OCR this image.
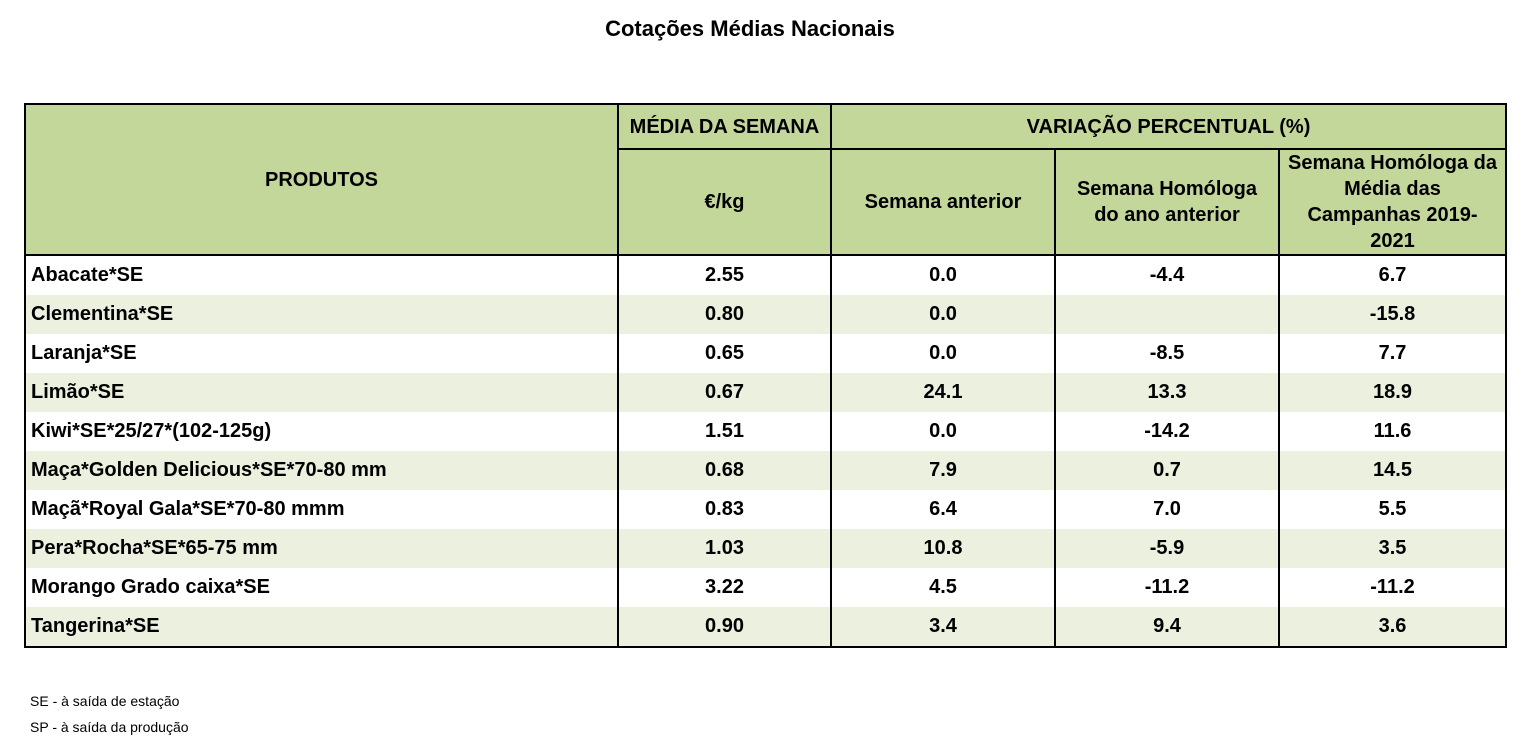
Cotações Médias Nacionais
PRODUTOS	MÉDIA DA SEMANA	VARIAÇÃO PERCENTUAL (%)		
	€/kg	Semana anterior	Semana Homóloga do ano anterior	Semana Homóloga da Média das Campanhas 2019-2021
Abacate*SE	2.55	0.0	-4.4	6.7
Clementina*SE	0.80	0.0		-15.8
Laranja*SE	0.65	0.0	-8.5	7.7
Limão*SE	0.67	24.1	13.3	18.9
Kiwi*SE*25/27*(102-125g)	1.51	0.0	-14.2	11.6
Maça*Golden Delicious*SE*70-80 mm	0.68	7.9	0.7	14.5
Maçã*Royal Gala*SE*70-80 mmm	0.83	6.4	7.0	5.5
Pera*Rocha*SE*65-75 mm	1.03	10.8	-5.9	3.5
Morango Grado caixa*SE	3.22	4.5	-11.2	-11.2
Tangerina*SE	0.90	3.4	9.4	3.6
SE - à saída de estação
SP - à saída da produção
